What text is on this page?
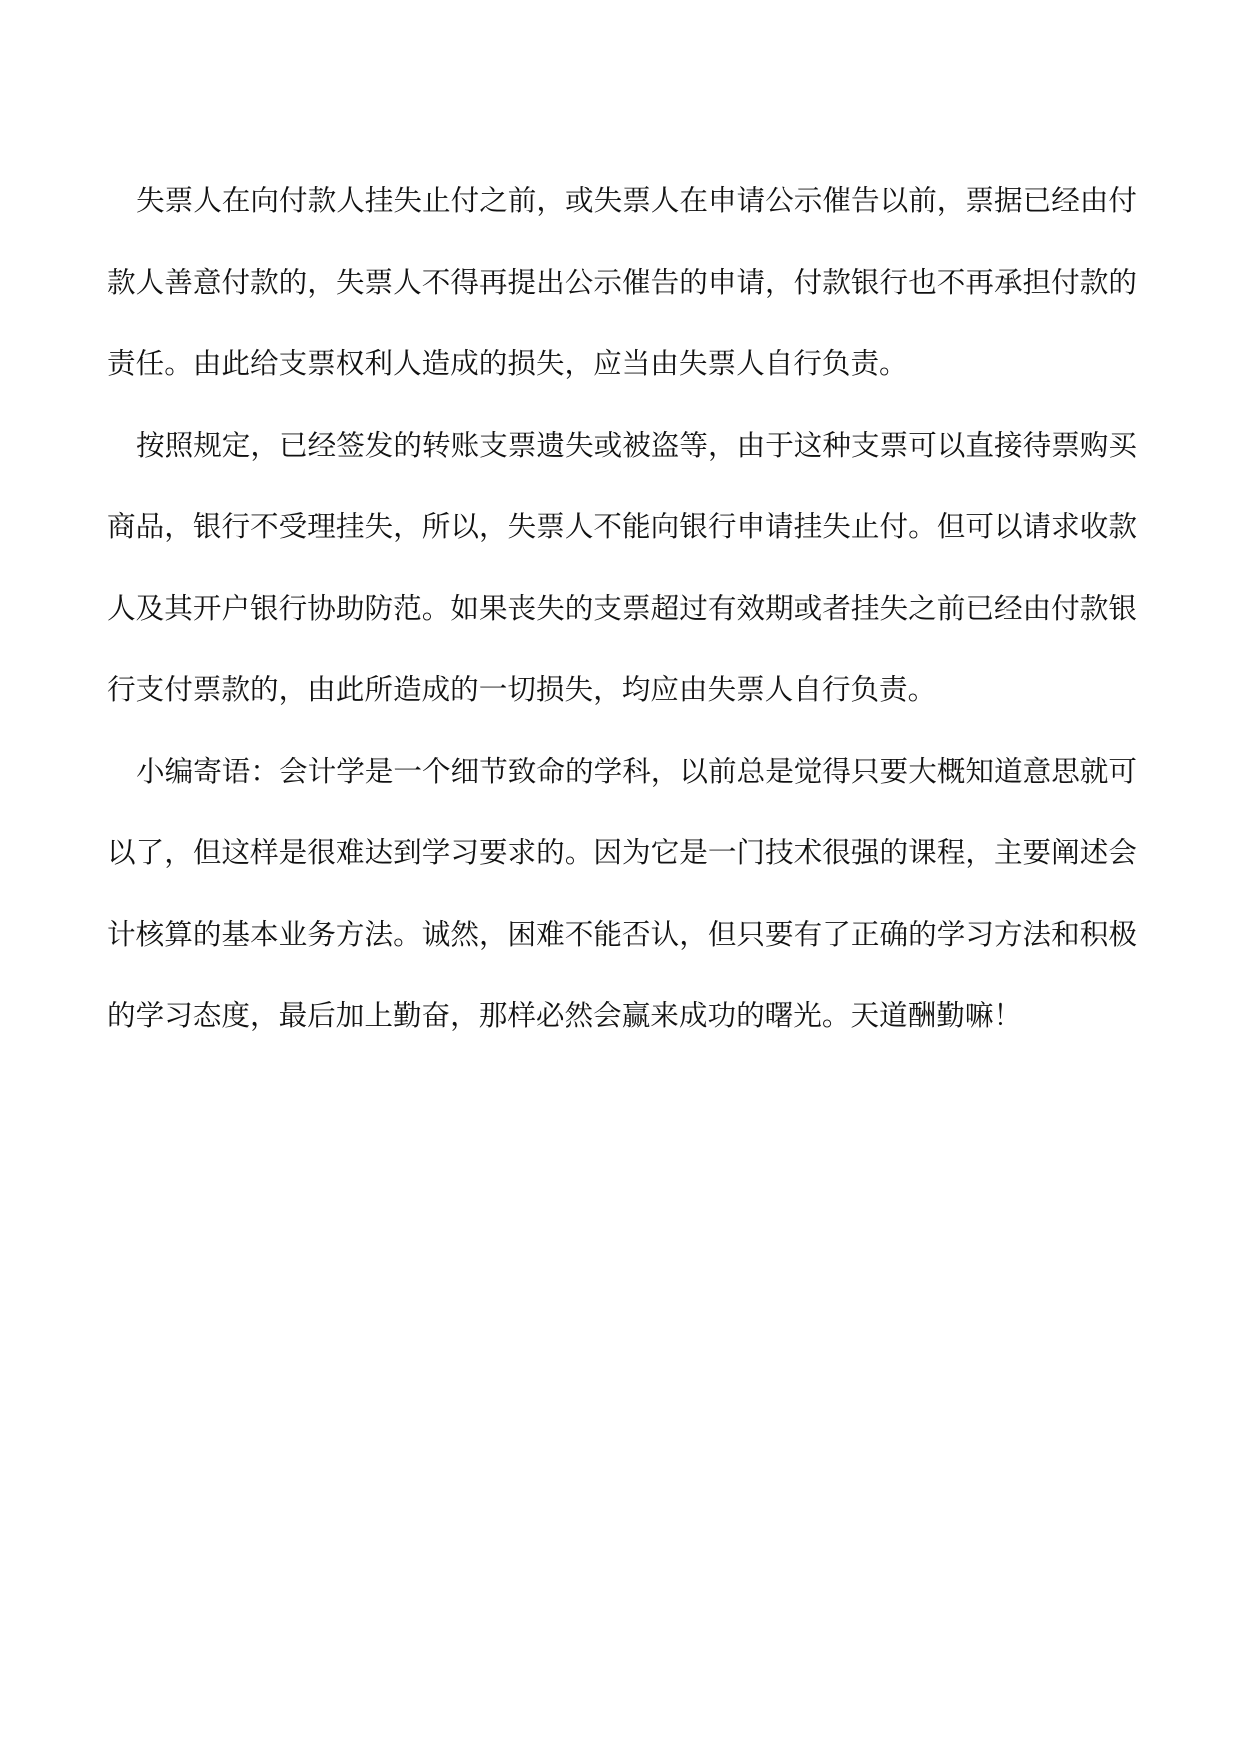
失票人在向付款人挂失止付之前，或失票人在申请公示催告以前，票据已经由付款人善意付款的，失票人不得再提出公示催告的申请，付款银行也不再承担付款的责任。由此给支票权利人造成的损失，应当由失票人自行负责。

按照规定，已经签发的转账支票遗失或被盗等，由于这种支票可以直接待票购买商品，银行不受理挂失，所以，失票人不能向银行申请挂失止付。但可以请求收款人及其开户银行协助防范。如果丧失的支票超过有效期或者挂失之前已经由付款银行支付票款的，由此所造成的一切损失，均应由失票人自行负责。

小编寄语：会计学是一个细节致命的学科，以前总是觉得只要大概知道意思就可以了，但这样是很难达到学习要求的。因为它是一门技术很强的课程，主要阐述会计核算的基本业务方法。诚然，困难不能否认，但只要有了正确的学习方法和积极的学习态度，最后加上勤奋，那样必然会赢来成功的曙光。天道酬勤嘛！
